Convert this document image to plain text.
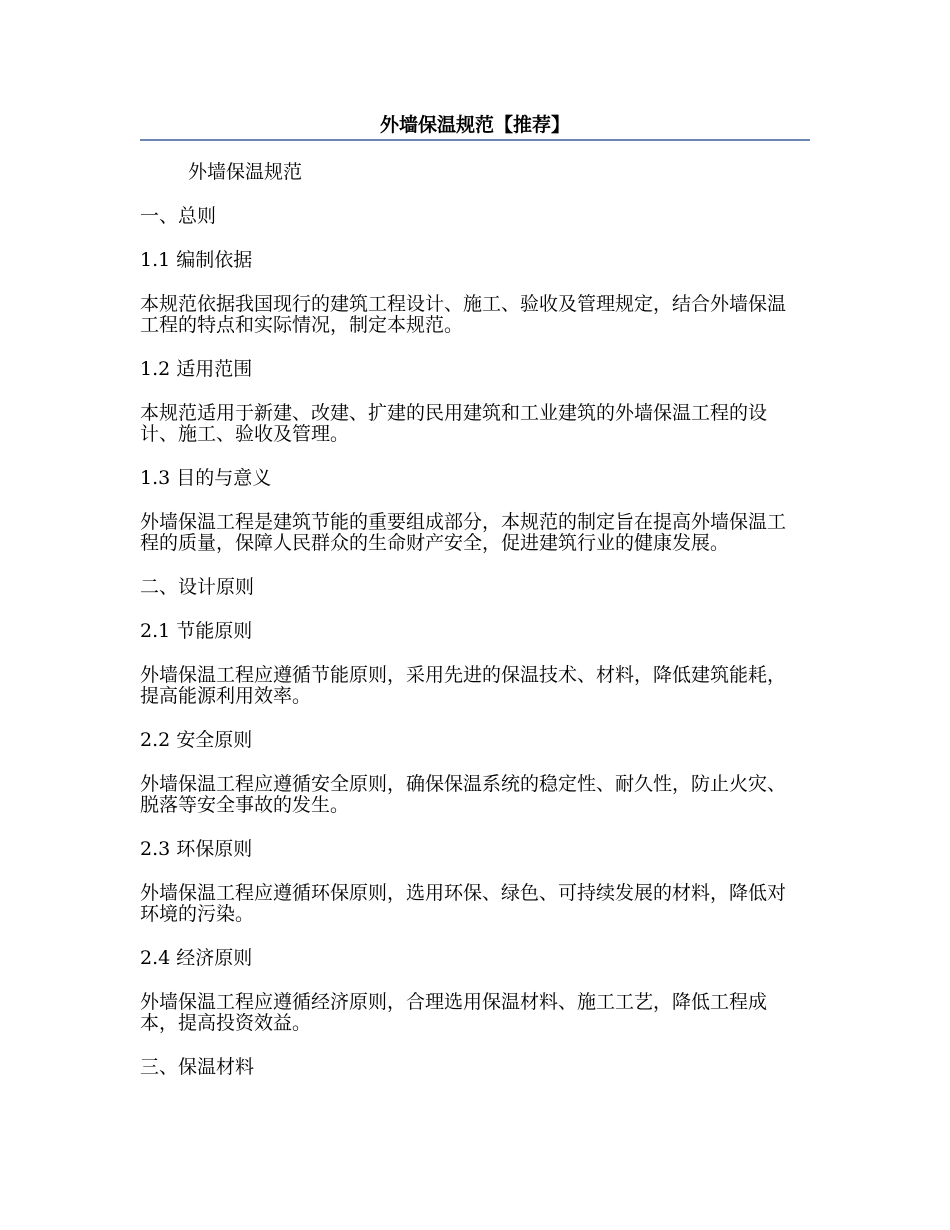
外墙保温规范【推荐】

外墙保温规范

一、总则

1.1 编制依据

本规范依据我国现行的建筑工程设计、施工、验收及管理规定，结合外墙保温工程的特点和实际情况，制定本规范。

1.2 适用范围

本规范适用于新建、改建、扩建的民用建筑和工业建筑的外墙保温工程的设计、施工、验收及管理。

1.3 目的与意义

外墙保温工程是建筑节能的重要组成部分，本规范的制定旨在提高外墙保温工程的质量，保障人民群众的生命财产安全，促进建筑行业的健康发展。

二、设计原则

2.1 节能原则

外墙保温工程应遵循节能原则，采用先进的保温技术、材料，降低建筑能耗，提高能源利用效率。

2.2 安全原则

外墙保温工程应遵循安全原则，确保保温系统的稳定性、耐久性，防止火灾、脱落等安全事故的发生。

2.3 环保原则

外墙保温工程应遵循环保原则，选用环保、绿色、可持续发展的材料，降低对环境的污染。

2.4 经济原则

外墙保温工程应遵循经济原则，合理选用保温材料、施工工艺，降低工程成本，提高投资效益。

三、保温材料
